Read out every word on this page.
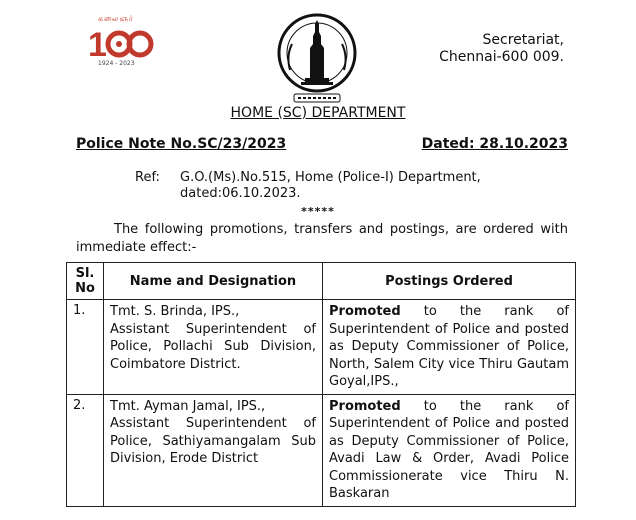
கலைஞர்
1
1924 - 2023
Secretariat,
Chennai-600 009.
HOME (SC) DEPARTMENT
Police Note No.SC/23/2023	Dated: 28.10.2023
Ref: G.O.(Ms).No.515, Home (Police-I) Department, dated:06.10.2023.
*****
The following promotions, transfers and postings, are ordered with immediate effect:-
Sl. No	Name and Designation	Postings Ordered
1.	Tmt. S. Brinda, IPS.,
Assistant Superintendent of Police, Pollachi Sub Division, Coimbatore District.	Promoted to the rank of Superintendent of Police and posted as Deputy Commissioner of Police, North, Salem City vice Thiru Gautam Goyal,IPS.,
2.	Tmt. Ayman Jamal, IPS.,
Assistant Superintendent of Police, Sathiyamangalam Sub Division, Erode District	Promoted to the rank of Superintendent of Police and posted as Deputy Commissioner of Police, Avadi Law & Order, Avadi Police Commissionerate vice Thiru N. Baskaran
